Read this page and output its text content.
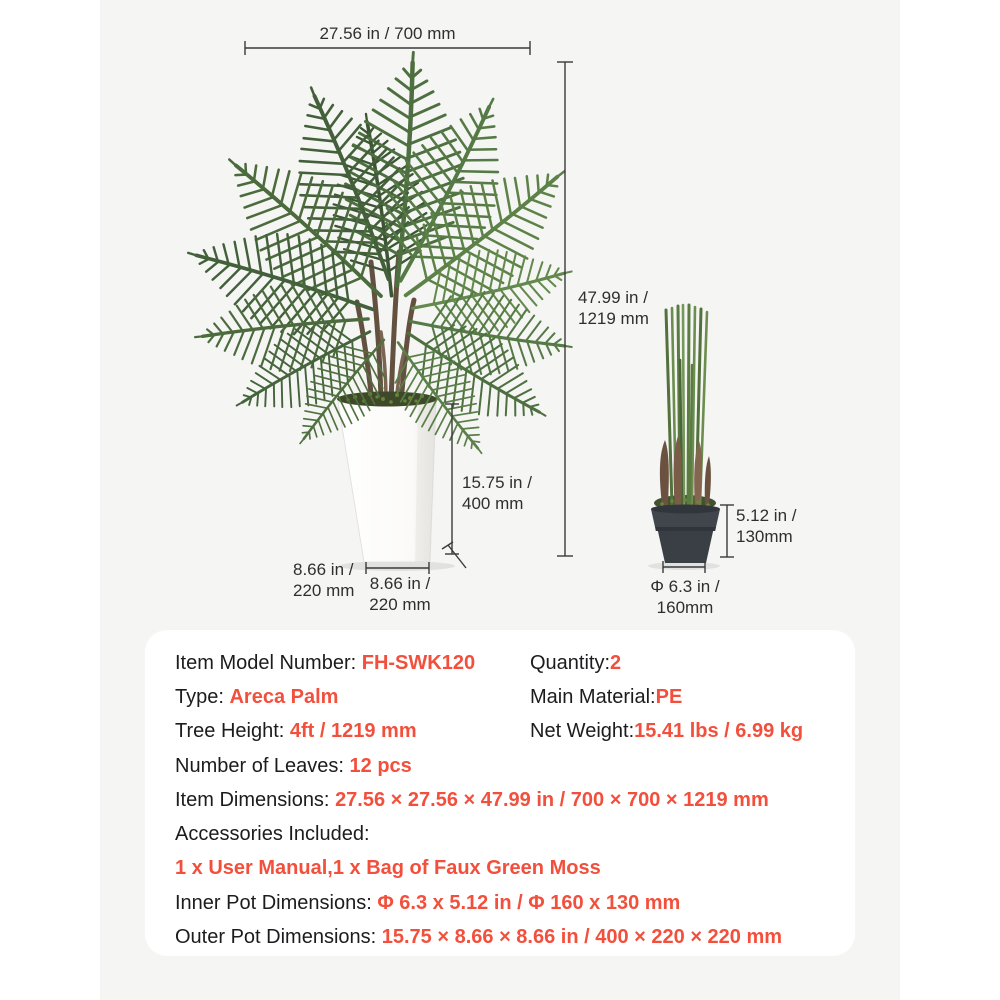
27.56 in / 700 mm
47.99 in /
1219 mm
15.75 in /
400 mm
8.66 in /
220 mm 8.66 in /
220 mm
5.12 in /
130mm
Φ 6.3 in /
160mm
Item Model Number: FH-SWK120	Quantity: 2
Type: Areca Palm	Main Material: PE
Tree Height: 4ft / 1219 mm	Net Weight: 15.41 lbs / 6.99 kg
Number of Leaves: 12 pcs
Item Dimensions: 27.56 × 27.56 × 47.99 in / 700 × 700 × 1219 mm
Accessories Included:
1 x User Manual,1 x Bag of Faux Green Moss
Inner Pot Dimensions: Φ 6.3 x 5.12 in / Φ 160 x 130 mm
Outer Pot Dimensions: 15.75 × 8.66 × 8.66 in / 400 × 220 × 220 mm
